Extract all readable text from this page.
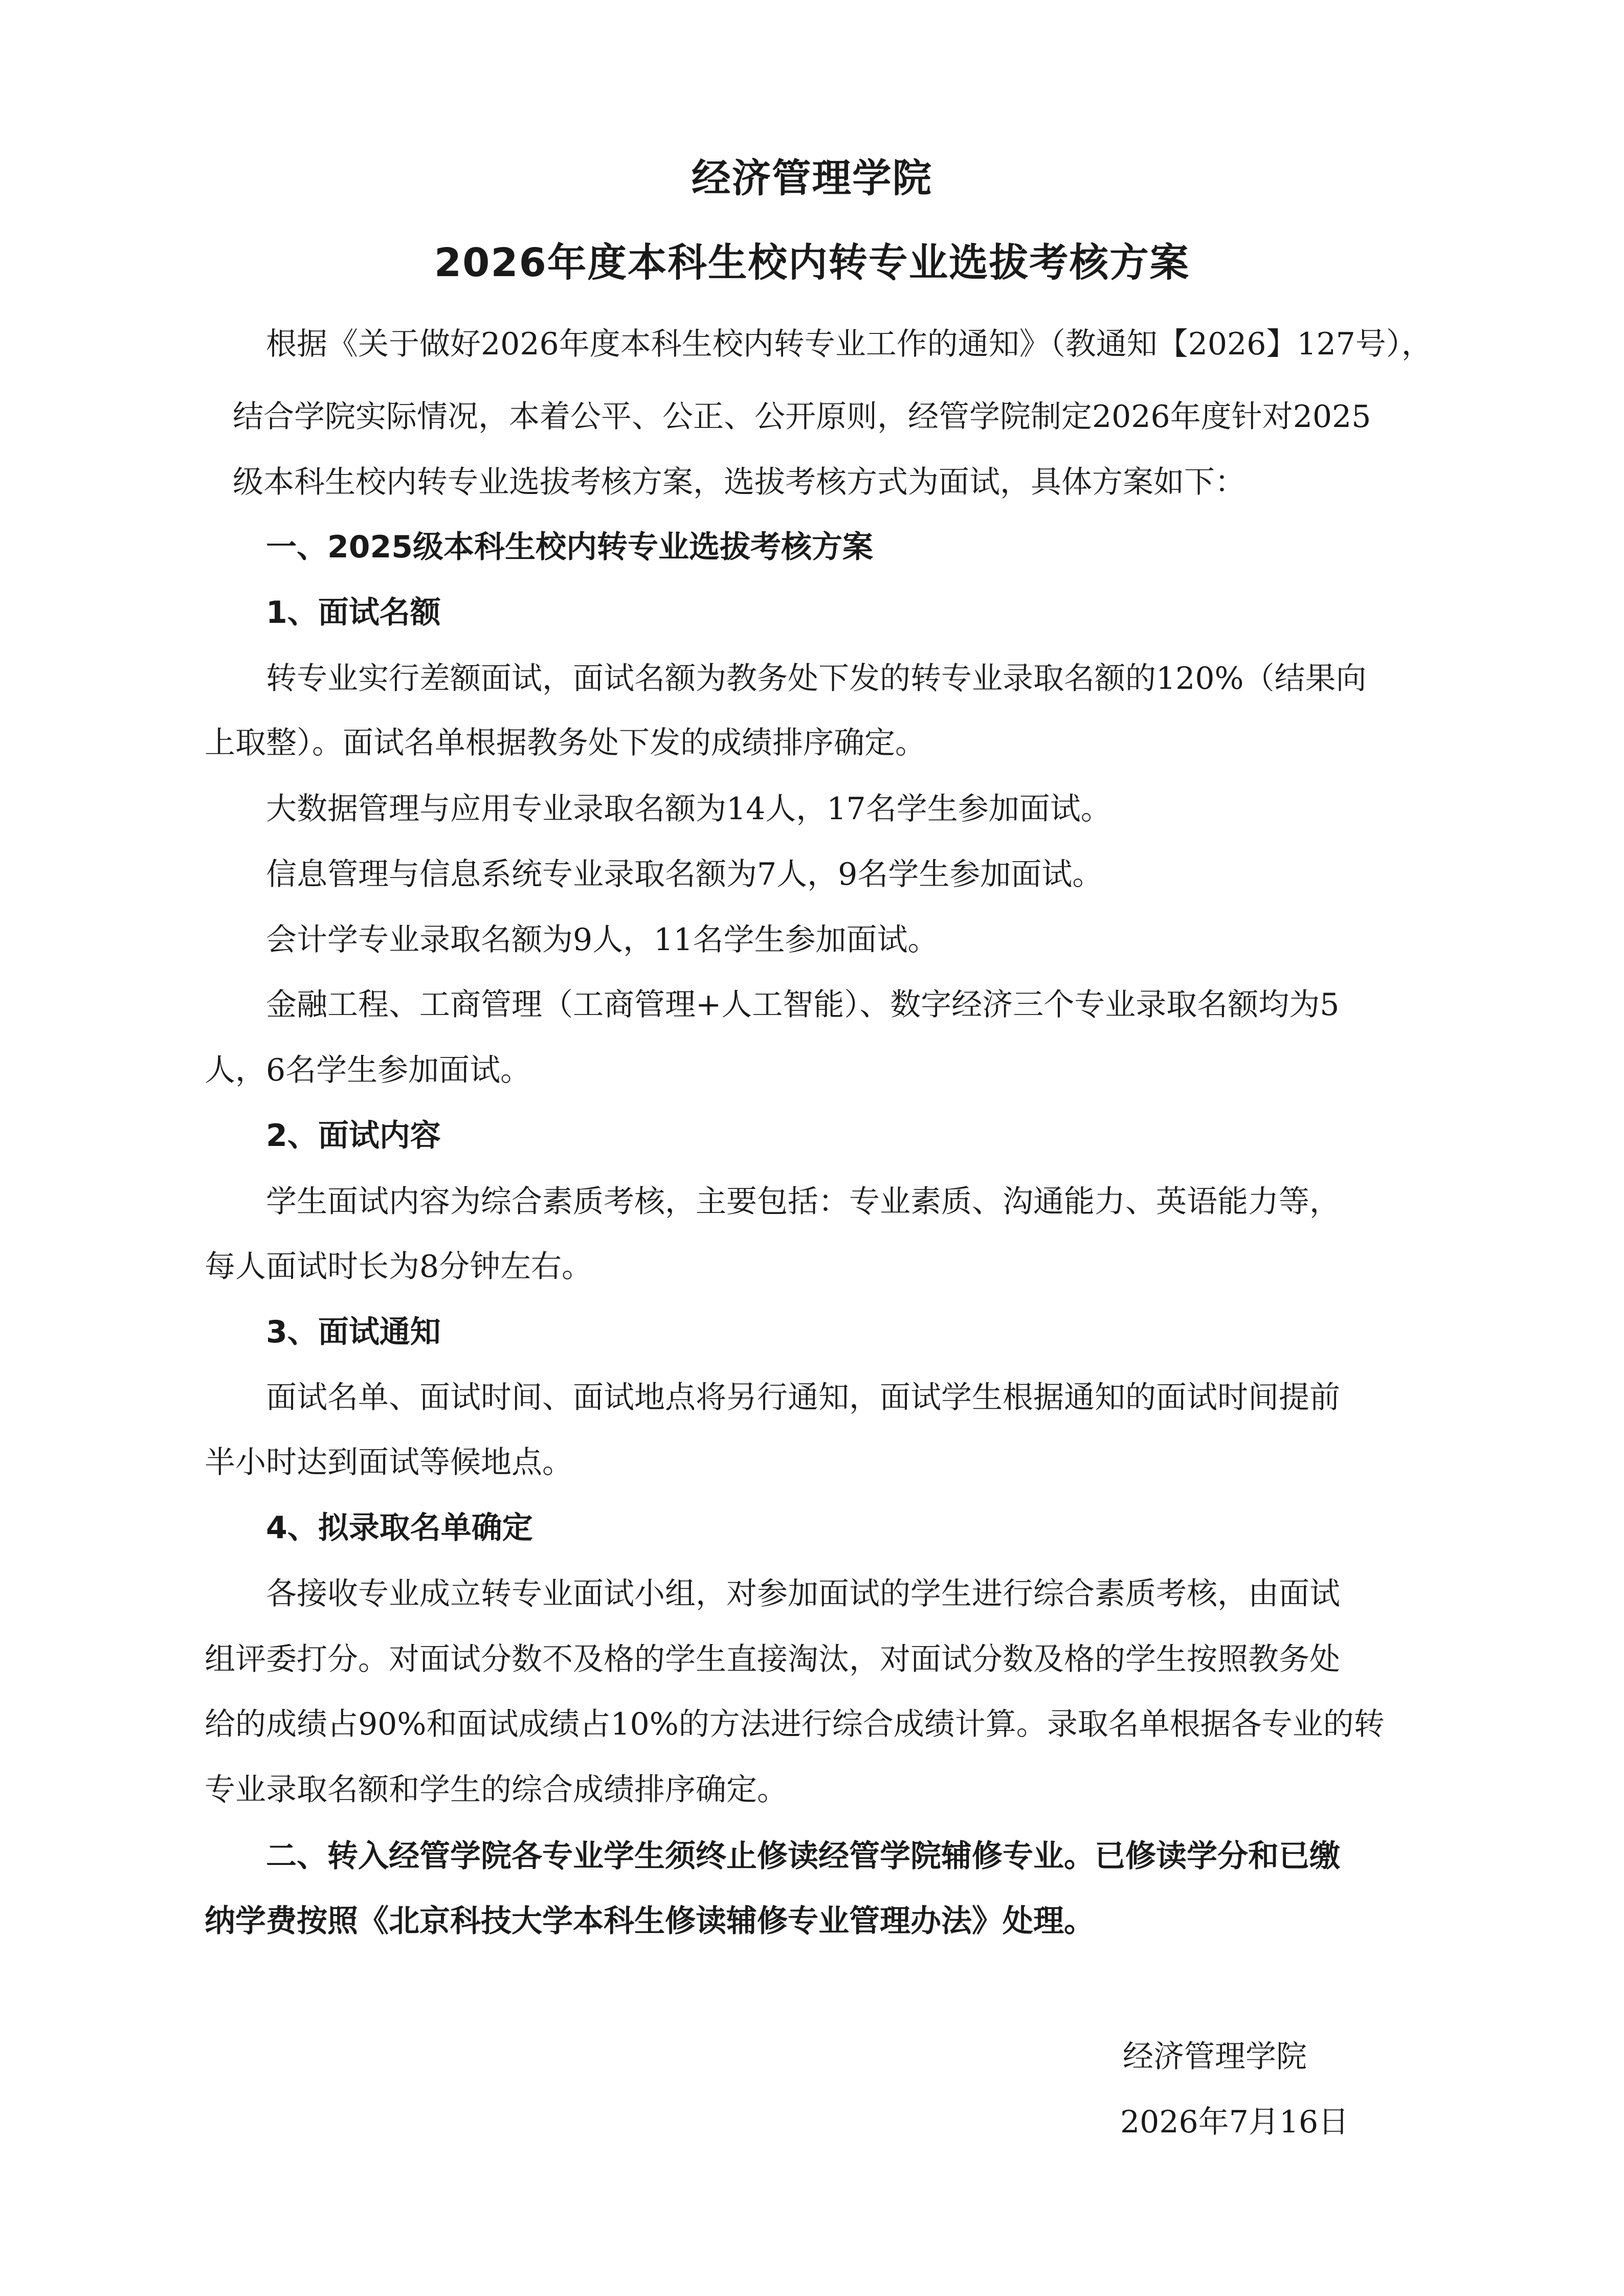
经济管理学院
2026年度本科生校内转专业选拔考核方案
根据《关于做好2026年度本科生校内转专业工作的通知》（教通知【2026】127号），
结合学院实际情况，本着公平、公正、公开原则，经管学院制定2026年度针对2025
级本科生校内转专业选拔考核方案，选拔考核方式为面试，具体方案如下：
一、2025级本科生校内转专业选拔考核方案
1、面试名额
转专业实行差额面试，面试名额为教务处下发的转专业录取名额的120%（结果向
上取整）。面试名单根据教务处下发的成绩排序确定。
大数据管理与应用专业录取名额为14人，17名学生参加面试。
信息管理与信息系统专业录取名额为7人，9名学生参加面试。
会计学专业录取名额为9人，11名学生参加面试。
金融工程、工商管理（工商管理+人工智能）、数字经济三个专业录取名额均为5
人，6名学生参加面试。
2、面试内容
学生面试内容为综合素质考核，主要包括：专业素质、沟通能力、英语能力等，
每人面试时长为8分钟左右。
3、面试通知
面试名单、面试时间、面试地点将另行通知，面试学生根据通知的面试时间提前
半小时达到面试等候地点。
4、拟录取名单确定
各接收专业成立转专业面试小组，对参加面试的学生进行综合素质考核，由面试
组评委打分。对面试分数不及格的学生直接淘汰，对面试分数及格的学生按照教务处
给的成绩占90%和面试成绩占10%的方法进行综合成绩计算。录取名单根据各专业的转
专业录取名额和学生的综合成绩排序确定。
二、转入经管学院各专业学生须终止修读经管学院辅修专业。已修读学分和已缴
纳学费按照《北京科技大学本科生修读辅修专业管理办法》处理。
经济管理学院
2026年7月16日
